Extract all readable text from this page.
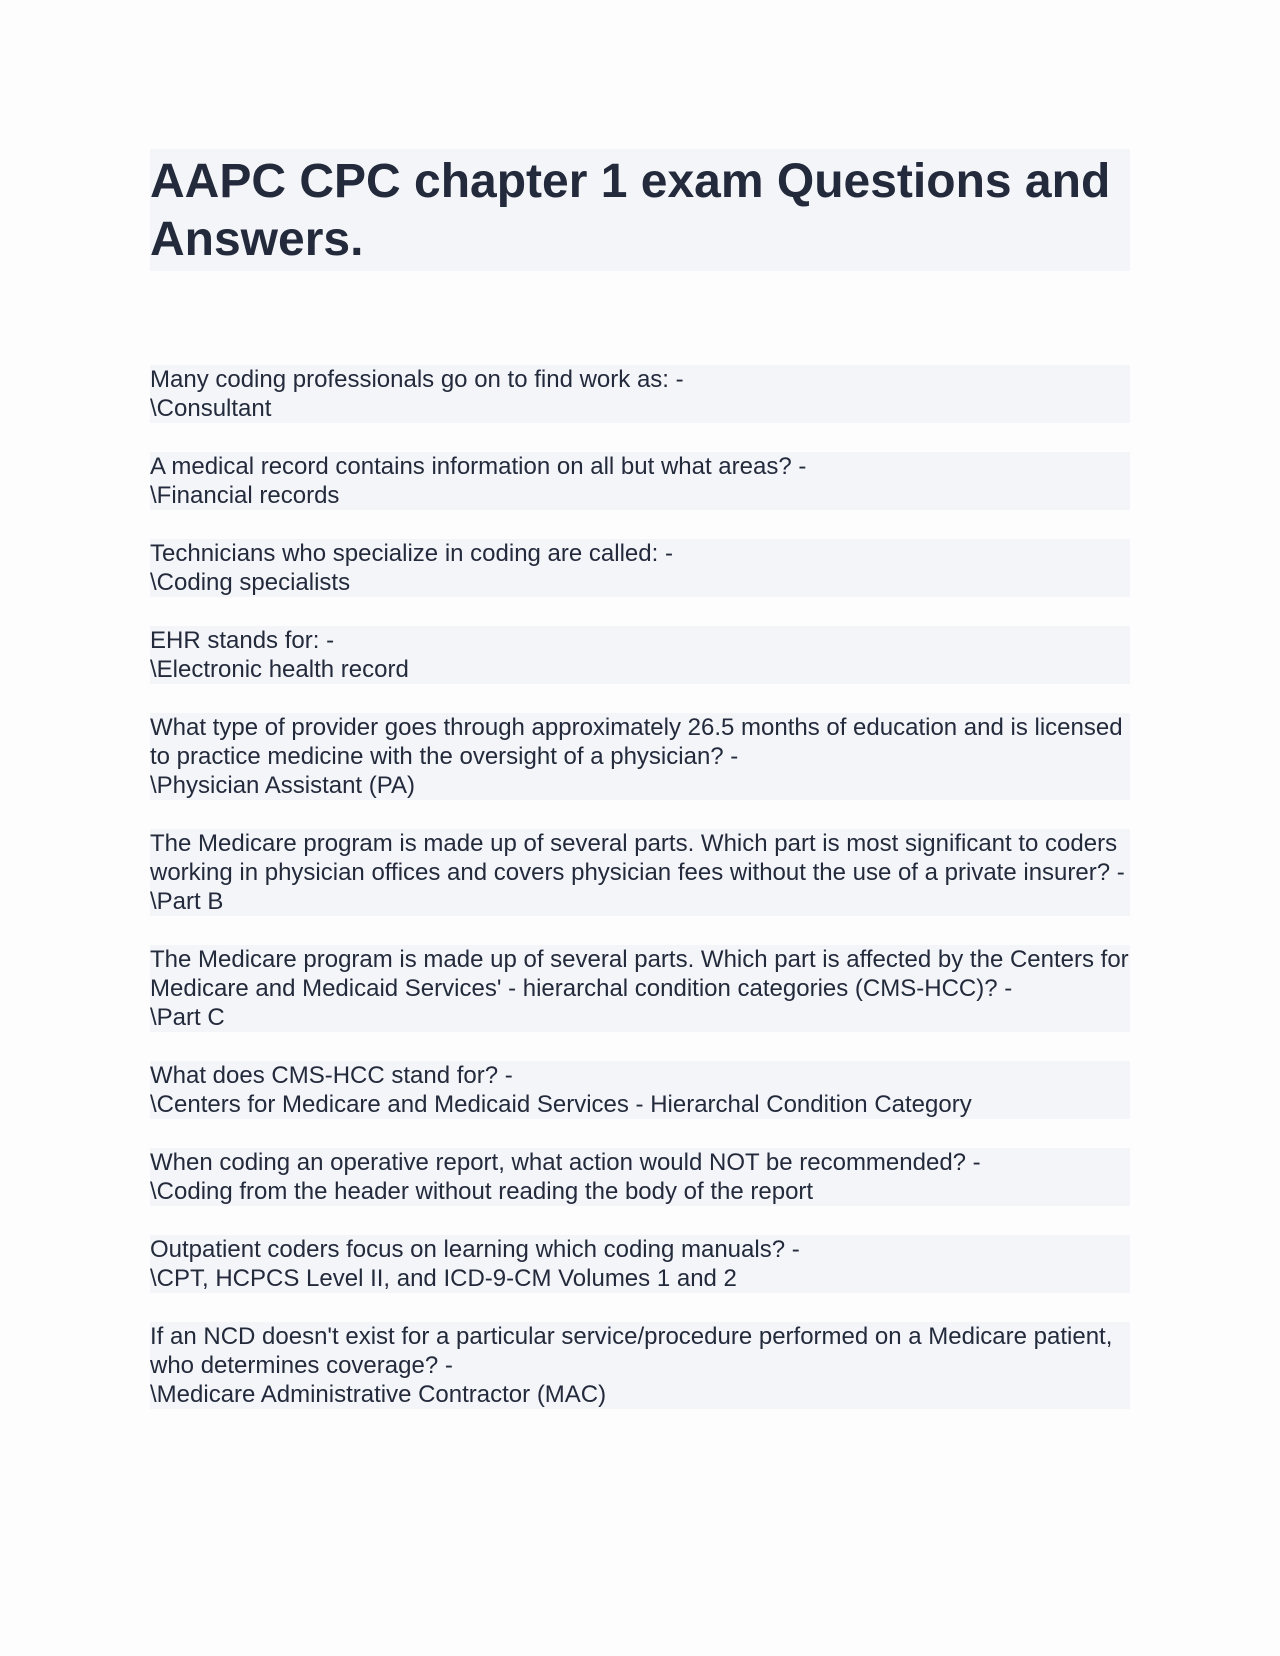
AAPC CPC chapter 1 exam Questions and Answers.
Many coding professionals go on to find work as: -
\Consultant
A medical record contains information on all but what areas? -
\Financial records
Technicians who specialize in coding are called: -
\Coding specialists
EHR stands for: -
\Electronic health record
What type of provider goes through approximately 26.5 months of education and is licensed to practice medicine with the oversight of a physician? -
\Physician Assistant (PA)
The Medicare program is made up of several parts. Which part is most significant to coders working in physician offices and covers physician fees without the use of a private insurer? -
\Part B
The Medicare program is made up of several parts. Which part is affected by the Centers for Medicare and Medicaid Services' - hierarchal condition categories (CMS-HCC)? -
\Part C
What does CMS-HCC stand for? -
\Centers for Medicare and Medicaid Services - Hierarchal Condition Category
When coding an operative report, what action would NOT be recommended? -
\Coding from the header without reading the body of the report
Outpatient coders focus on learning which coding manuals? -
\CPT, HCPCS Level II, and ICD-9-CM Volumes 1 and 2
If an NCD doesn't exist for a particular service/procedure performed on a Medicare patient, who determines coverage? -
\Medicare Administrative Contractor (MAC)
